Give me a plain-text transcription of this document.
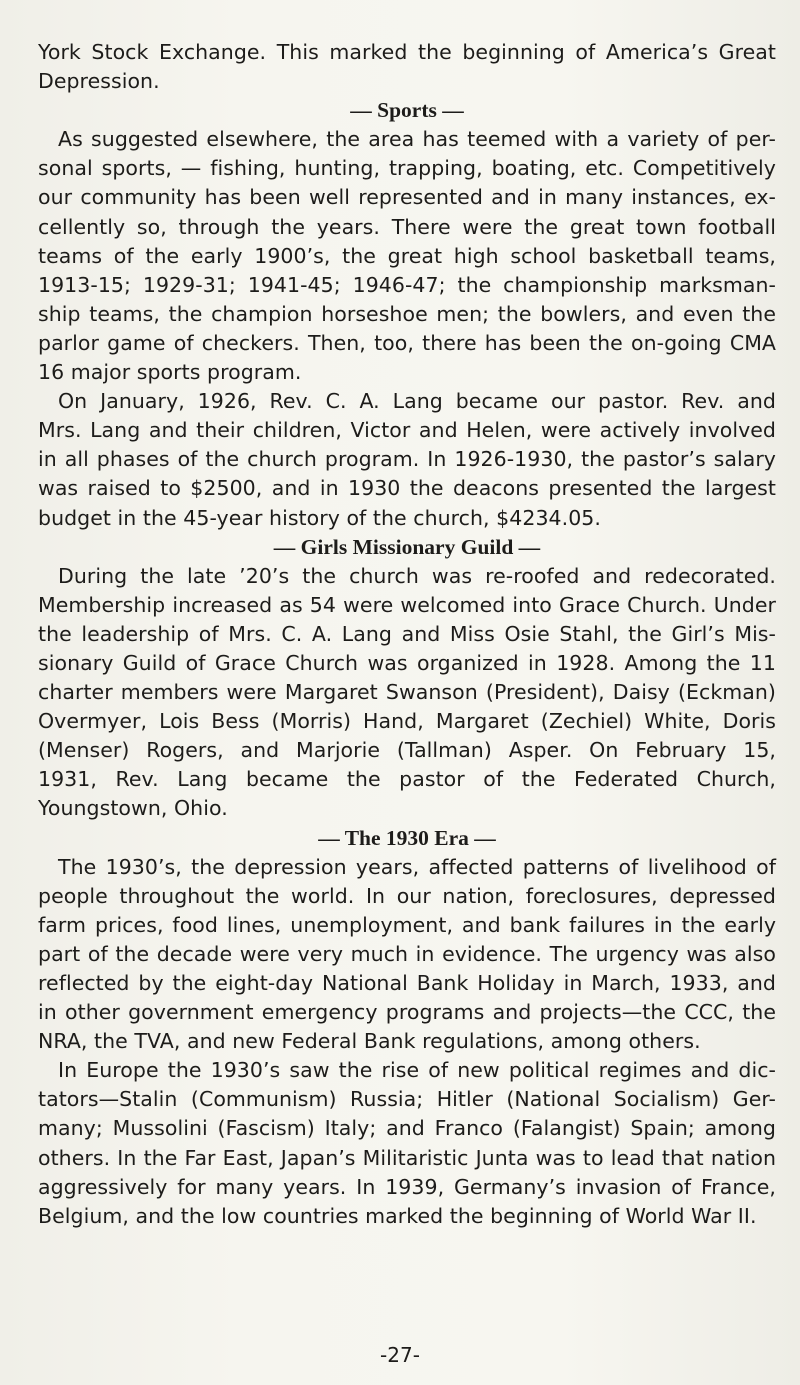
York Stock Exchange. This marked the beginning of America’s Great
Depression.
— Sports —
As suggested elsewhere, the area has teemed with a variety of per-
sonal sports, — fishing, hunting, trapping, boating, etc. Competitively
our community has been well represented and in many instances, ex-
cellently so, through the years. There were the great town football
teams of the early 1900’s, the great high school basketball teams,
1913-15; 1929-31; 1941-45; 1946-47; the championship marksman-
ship teams, the champion horseshoe men; the bowlers, and even the
parlor game of checkers. Then, too, there has been the on-going CMA
16 major sports program.
On January, 1926, Rev. C. A. Lang became our pastor. Rev. and
Mrs. Lang and their children, Victor and Helen, were actively involved
in all phases of the church program. In 1926-1930, the pastor’s salary
was raised to $2500, and in 1930 the deacons presented the largest
budget in the 45-year history of the church, $4234.05.
— Girls Missionary Guild —
During the late ’20’s the church was re-roofed and redecorated.
Membership increased as 54 were welcomed into Grace Church. Under
the leadership of Mrs. C. A. Lang and Miss Osie Stahl, the Girl’s Mis-
sionary Guild of Grace Church was organized in 1928. Among the 11
charter members were Margaret Swanson (President), Daisy (Eckman)
Overmyer, Lois Bess (Morris) Hand, Margaret (Zechiel) White, Doris
(Menser) Rogers, and Marjorie (Tallman) Asper. On February 15,
1931, Rev. Lang became the pastor of the Federated Church,
Youngstown, Ohio.
— The 1930 Era —
The 1930’s, the depression years, affected patterns of livelihood of
people throughout the world. In our nation, foreclosures, depressed
farm prices, food lines, unemployment, and bank failures in the early
part of the decade were very much in evidence. The urgency was also
reflected by the eight-day National Bank Holiday in March, 1933, and
in other government emergency programs and projects—the CCC, the
NRA, the TVA, and new Federal Bank regulations, among others.
In Europe the 1930’s saw the rise of new political regimes and dic-
tators—Stalin (Communism) Russia; Hitler (National Socialism) Ger-
many; Mussolini (Fascism) Italy; and Franco (Falangist) Spain; among
others. In the Far East, Japan’s Militaristic Junta was to lead that nation
aggressively for many years. In 1939, Germany’s invasion of France,
Belgium, and the low countries marked the beginning of World War II.
-27-
